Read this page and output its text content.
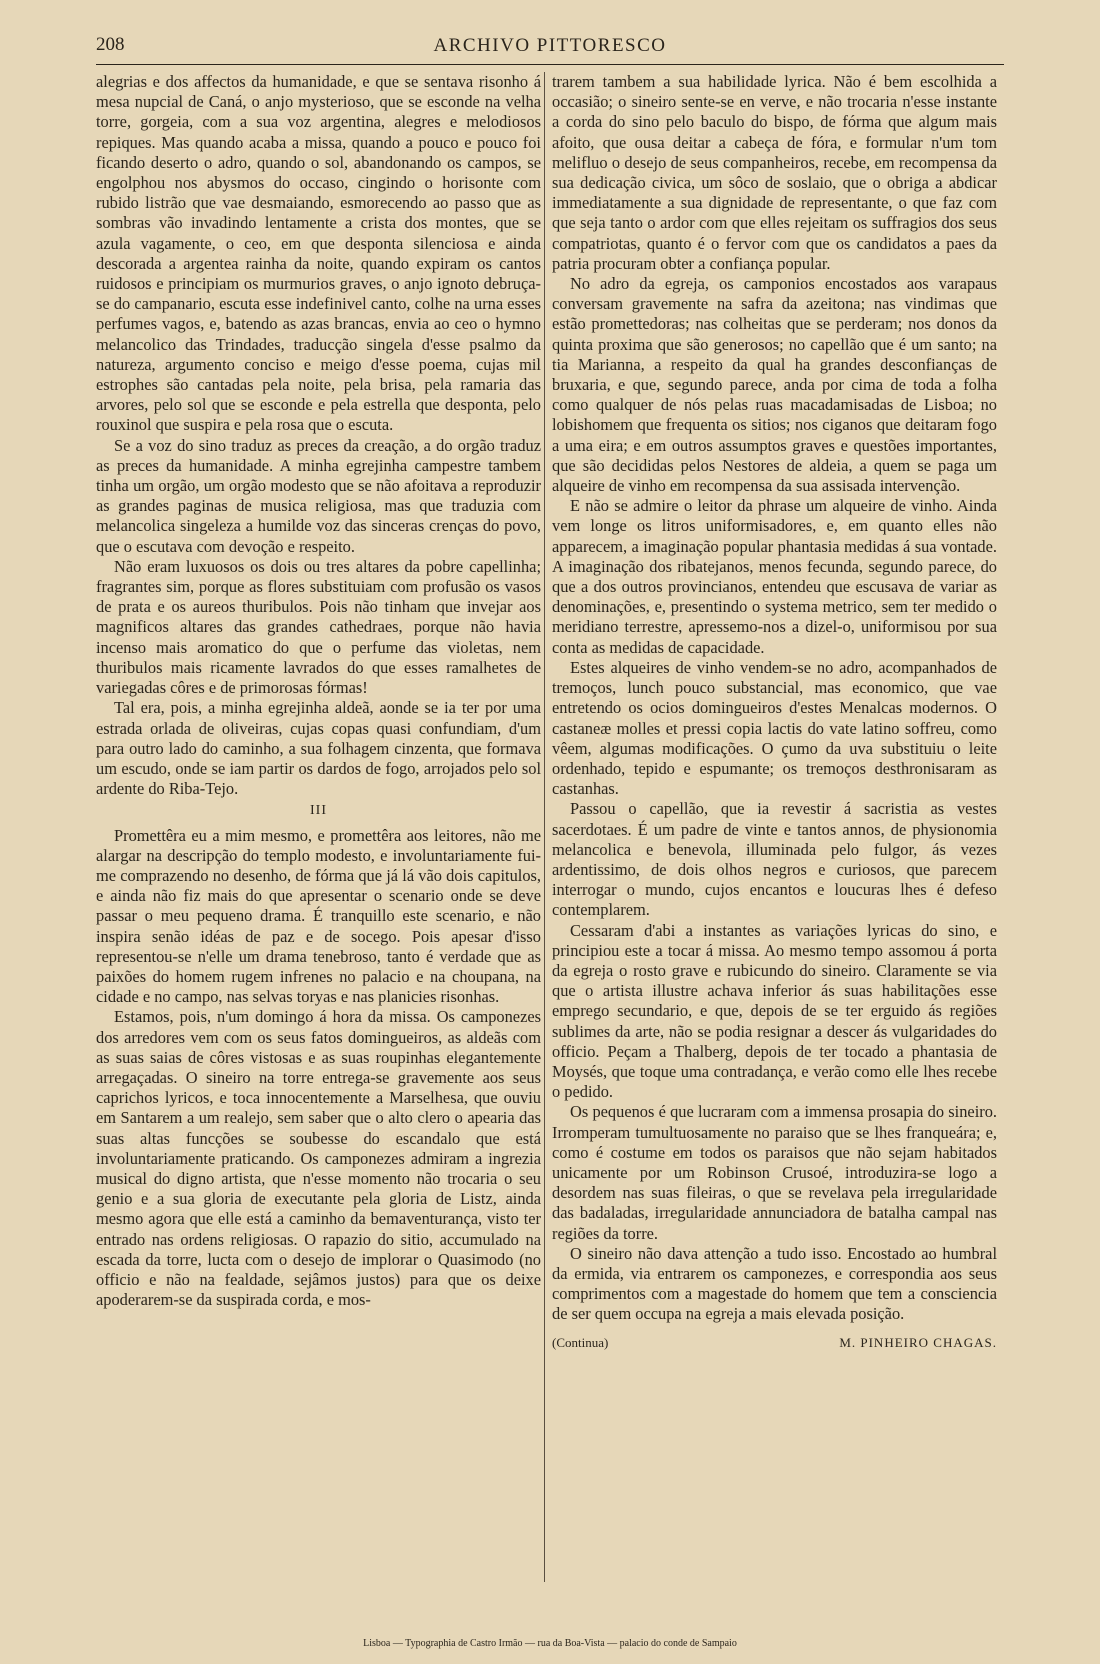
208	ARCHIVO PITTORESCO

alegrias e dos affectos da humanidade, e que se sentava risonho á mesa nupcial de Caná, o anjo mysterioso, que se esconde na velha torre, gorgeia, com a sua voz argentina, alegres e melodiosos repiques. Mas quando acaba a missa, quando a pouco e pouco foi ficando deserto o adro, quando o sol, abandonando os campos, se engolphou nos abysmos do occaso, cingindo o horisonte com rubido listrão que vae desmaiando, esmorecendo ao passo que as sombras vão invadindo lentamente a crista dos montes, que se azula vagamente, o ceo, em que desponta silenciosa e ainda descorada a argentea rainha da noite, quando expiram os cantos ruidosos e principiam os murmurios graves, o anjo ignoto debruça-se do campanario, escuta esse indefinivel canto, colhe na urna esses perfumes vagos, e, batendo as azas brancas, envia ao ceo o hymno melancolico das Trindades, traducção singela d'esse psalmo da natureza, argumento conciso e meigo d'esse poema, cujas mil estrophes são cantadas pela noite, pela brisa, pela ramaria das arvores, pelo sol que se esconde e pela estrella que desponta, pelo rouxinol que suspira e pela rosa que o escuta.

Se a voz do sino traduz as preces da creação, a do orgão traduz as preces da humanidade. A minha egrejinha campestre tambem tinha um orgão, um orgão modesto que se não afoitava a reproduzir as grandes paginas de musica religiosa, mas que traduzia com melancolica singeleza a humilde voz das sinceras crenças do povo, que o escutava com devoção e respeito.

Não eram luxuosos os dois ou tres altares da pobre capellinha; fragrantes sim, porque as flores substituiam com profusão os vasos de prata e os aureos thuribulos. Pois não tinham que invejar aos magnificos altares das grandes cathedraes, porque não havia incenso mais aromatico do que o perfume das violetas, nem thuribulos mais ricamente lavrados do que esses ramalhetes de variegadas côres e de primorosas fórmas!

Tal era, pois, a minha egrejinha aldeã, aonde se ia ter por uma estrada orlada de oliveiras, cujas copas quasi confundiam, d'um para outro lado do caminho, a sua folhagem cinzenta, que formava um escudo, onde se iam partir os dardos de fogo, arrojados pelo sol ardente do Riba-Tejo.

III

Promettêra eu a mim mesmo, e promettêra aos leitores, não me alargar na descripção do templo modesto, e involuntariamente fui-me comprazendo no desenho, de fórma que já lá vão dois capitulos, e ainda não fiz mais do que apresentar o scenario onde se deve passar o meu pequeno drama. É tranquillo este scenario, e não inspira senão idéas de paz e de socego. Pois apesar d'isso representou-se n'elle um drama tenebroso, tanto é verdade que as paixões do homem rugem infrenes no palacio e na choupana, na cidade e no campo, nas selvas toryas e nas planicies risonhas.

Estamos, pois, n'um domingo á hora da missa. Os camponezes dos arredores vem com os seus fatos domingueiros, as aldeãs com as suas saias de côres vistosas e as suas roupinhas elegantemente arregaçadas. O sineiro na torre entrega-se gravemente aos seus caprichos lyricos, e toca innocentemente a Marselhesa, que ouviu em Santarem a um realejo, sem saber que o alto clero o apearia das suas altas funcções se soubesse do escandalo que está involuntariamente praticando. Os camponezes admiram a ingrezia musical do digno artista, que n'esse momento não trocaria o seu genio e a sua gloria de executante pela gloria de Listz, ainda mesmo agora que elle está a caminho da bemaventurança, visto ter entrado nas ordens religiosas. O rapazio do sitio, accumulado na escada da torre, lucta com o desejo de implorar o Quasimodo (no officio e não na fealdade, sejâmos justos) para que os deixe apoderarem-se da suspirada corda, e mos-

trarem tambem a sua habilidade lyrica. Não é bem escolhida a occasião; o sineiro sente-se en verve, e não trocaria n'esse instante a corda do sino pelo baculo do bispo, de fórma que algum mais afoito, que ousa deitar a cabeça de fóra, e formular n'um tom melifluo o desejo de seus companheiros, recebe, em recompensa da sua dedicação civica, um sôco de soslaio, que o obriga a abdicar immediatamente a sua dignidade de representante, o que faz com que seja tanto o ardor com que elles rejeitam os suffragios dos seus compatriotas, quanto é o fervor com que os candidatos a paes da patria procuram obter a confiança popular.

No adro da egreja, os camponios encostados aos varapaus conversam gravemente na safra da azeitona; nas vindimas que estão promettedoras; nas colheitas que se perderam; nos donos da quinta proxima que são generosos; no capellão que é um santo; na tia Marianna, a respeito da qual ha grandes desconfianças de bruxaria, e que, segundo parece, anda por cima de toda a folha como qualquer de nós pelas ruas macadamisadas de Lisboa; no lobishomem que frequenta os sitios; nos ciganos que deitaram fogo a uma eira; e em outros assumptos graves e questões importantes, que são decididas pelos Nestores de aldeia, a quem se paga um alqueire de vinho em recompensa da sua assisada intervenção.

E não se admire o leitor da phrase um alqueire de vinho. Ainda vem longe os litros uniformisadores, e, em quanto elles não apparecem, a imaginação popular phantasia medidas á sua vontade. A imaginação dos ribatejanos, menos fecunda, segundo parece, do que a dos outros provincianos, entendeu que escusava de variar as denominações, e, presentindo o systema metrico, sem ter medido o meridiano terrestre, apressemo-nos a dizel-o, uniformisou por sua conta as medidas de capacidade.

Estes alqueires de vinho vendem-se no adro, acompanhados de tremoços, lunch pouco substancial, mas economico, que vae entretendo os ocios domingueiros d'estes Menalcas modernos. O castaneæ molles et pressi copia lactis do vate latino soffreu, como vêem, algumas modificações. O çumo da uva substituiu o leite ordenhado, tepido e espumante; os tremoços desthronisaram as castanhas.

Passou o capellão, que ia revestir á sacristia as vestes sacerdotaes. É um padre de vinte e tantos annos, de physionomia melancolica e benevola, illuminada pelo fulgor, ás vezes ardentissimo, de dois olhos negros e curiosos, que parecem interrogar o mundo, cujos encantos e loucuras lhes é defeso contemplarem.

Cessaram d'abi a instantes as variações lyricas do sino, e principiou este a tocar á missa. Ao mesmo tempo assomou á porta da egreja o rosto grave e rubicundo do sineiro. Claramente se via que o artista illustre achava inferior ás suas habilitações esse emprego secundario, e que, depois de se ter erguido ás regiões sublimes da arte, não se podia resignar a descer ás vulgaridades do officio. Peçam a Thalberg, depois de ter tocado a phantasia de Moysés, que toque uma contradança, e verão como elle lhes recebe o pedido.

Os pequenos é que lucraram com a immensa prosapia do sineiro. Irromperam tumultuosamente no paraiso que se lhes franqueára; e, como é costume em todos os paraisos que não sejam habitados unicamente por um Robinson Crusoé, introduzira-se logo a desordem nas suas fileiras, o que se revelava pela irregularidade das badaladas, irregularidade annunciadora de batalha campal nas regiões da torre.

O sineiro não dava attenção a tudo isso. Encostado ao humbral da ermida, via entrarem os camponezes, e correspondia aos seus comprimentos com a magestade do homem que tem a consciencia de ser quem occupa na egreja a mais elevada posição.

(Continua)	M. PINHEIRO CHAGAS.
Lisboa — Typographia de Castro Irmão — rua da Boa-Vista — palacio do conde de Sampaio
